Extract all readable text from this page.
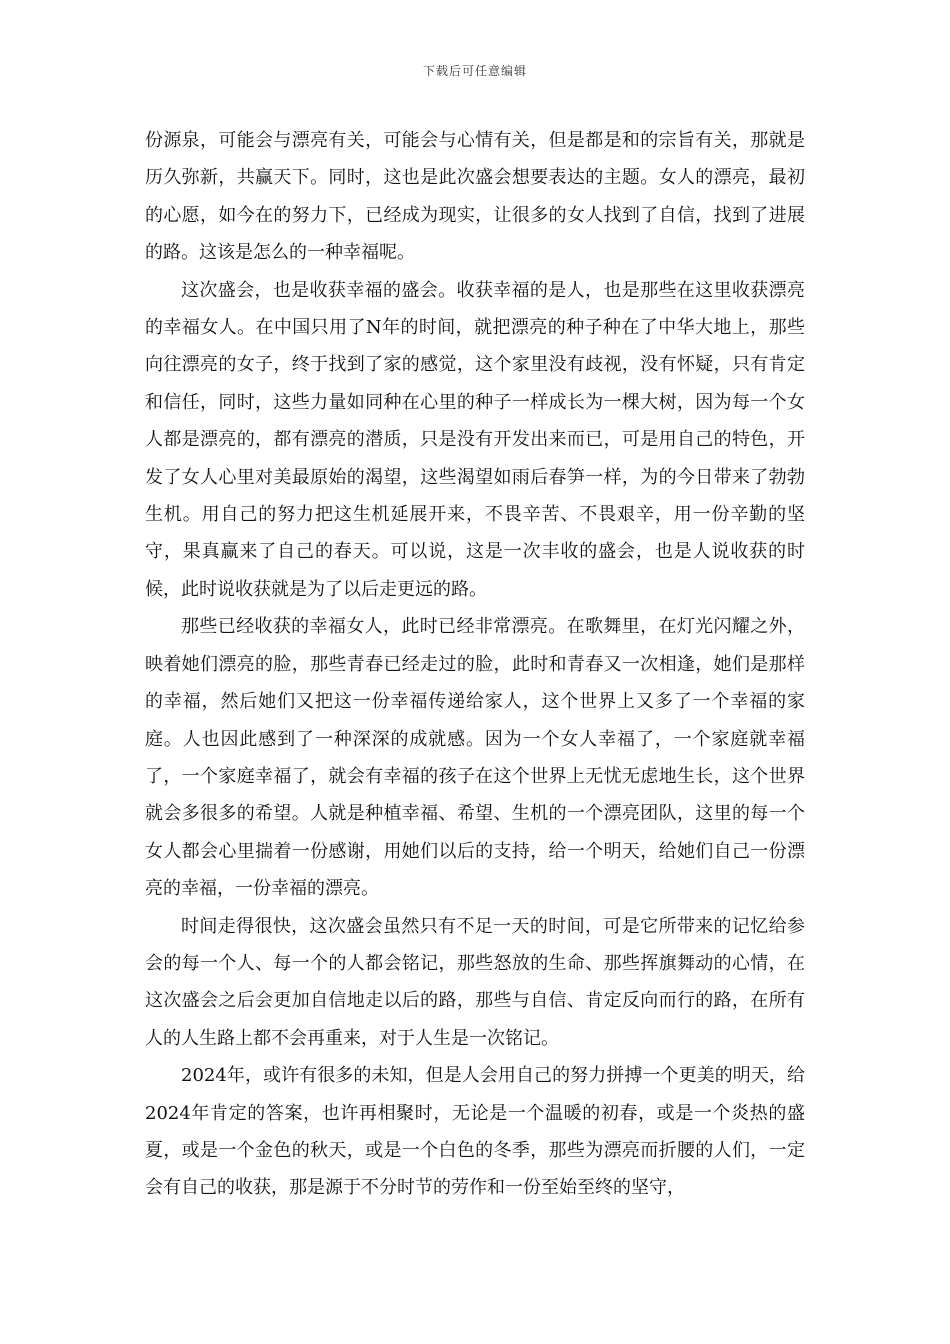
下载后可任意编辑

份源泉，可能会与漂亮有关，可能会与心情有关，但是都是和的宗旨有关，那就是历久弥新，共赢天下。同时，这也是此次盛会想要表达的主题。女人的漂亮，最初的心愿，如今在的努力下，已经成为现实，让很多的女人找到了自信，找到了进展的路。这该是怎么的一种幸福呢。

这次盛会，也是收获幸福的盛会。收获幸福的是人，也是那些在这里收获漂亮的幸福女人。在中国只用了N年的时间，就把漂亮的种子种在了中华大地上，那些向往漂亮的女子，终于找到了家的感觉，这个家里没有歧视，没有怀疑，只有肯定和信任，同时，这些力量如同种在心里的种子一样成长为一棵大树，因为每一个女人都是漂亮的，都有漂亮的潜质，只是没有开发出来而已，可是用自己的特色，开发了女人心里对美最原始的渴望，这些渴望如雨后春笋一样，为的今日带来了勃勃生机。用自己的努力把这生机延展开来，不畏辛苦、不畏艰辛，用一份辛勤的坚守，果真赢来了自己的春天。可以说，这是一次丰收的盛会，也是人说收获的时候，此时说收获就是为了以后走更远的路。

那些已经收获的幸福女人，此时已经非常漂亮。在歌舞里，在灯光闪耀之外，映着她们漂亮的脸，那些青春已经走过的脸，此时和青春又一次相逢，她们是那样的幸福，然后她们又把这一份幸福传递给家人，这个世界上又多了一个幸福的家庭。人也因此感到了一种深深的成就感。因为一个女人幸福了，一个家庭就幸福了，一个家庭幸福了，就会有幸福的孩子在这个世界上无忧无虑地生长，这个世界就会多很多的希望。人就是种植幸福、希望、生机的一个漂亮团队，这里的每一个女人都会心里揣着一份感谢，用她们以后的支持，给一个明天，给她们自己一份漂亮的幸福，一份幸福的漂亮。

时间走得很快，这次盛会虽然只有不足一天的时间，可是它所带来的记忆给参会的每一个人、每一个的人都会铭记，那些怒放的生命、那些挥旗舞动的心情，在这次盛会之后会更加自信地走以后的路，那些与自信、肯定反向而行的路，在所有人的人生路上都不会再重来，对于人生是一次铭记。

2024年，或许有很多的未知，但是人会用自己的努力拼搏一个更美的明天，给2024年肯定的答案，也许再相聚时，无论是一个温暖的初春，或是一个炎热的盛夏，或是一个金色的秋天，或是一个白色的冬季，那些为漂亮而折腰的人们，一定会有自己的收获，那是源于不分时节的劳作和一份至始至终的坚守，
